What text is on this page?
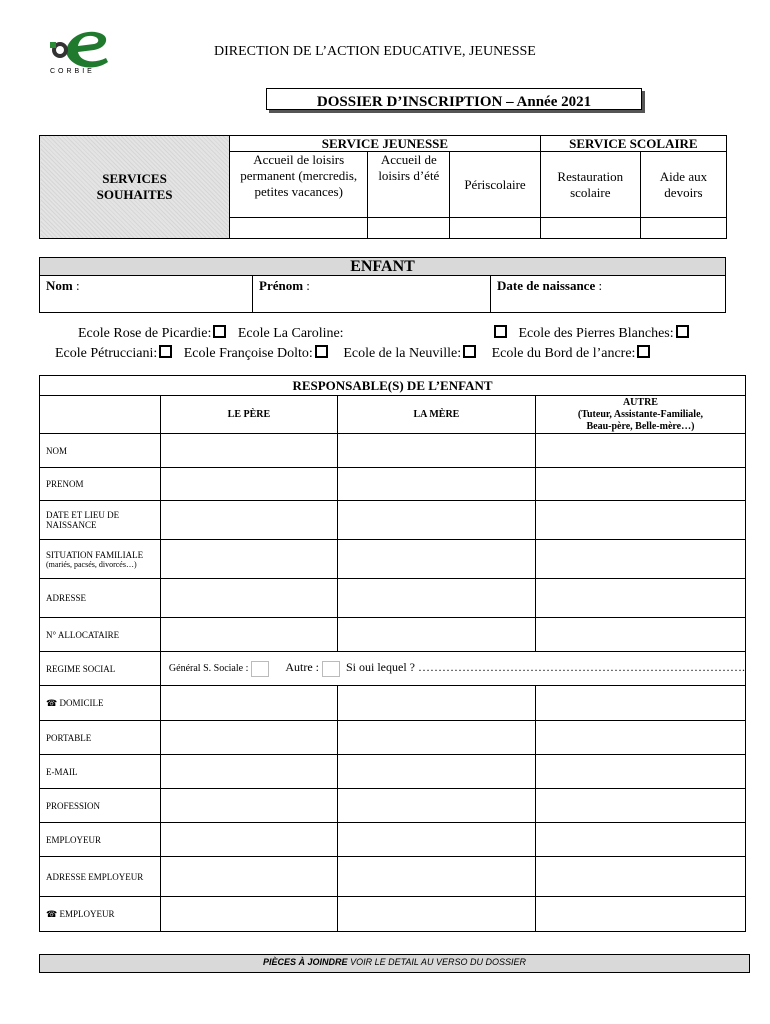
CORBIE
DIRECTION DE L’ACTION EDUCATIVE, JEUNESSE
DOSSIER D’INSCRIPTION – Année 2021
SERVICES SOUHAITES	SERVICE JEUNESSE			SERVICE SCOLAIRE	
	Accueil de loisirs permanent (mercredis, petites vacances)	Accueil de loisirs d’été	Périscolaire	Restauration scolaire	Aide aux devoirs

ENFANT
Nom :	Prénom :	Date de naissance :
Ecole Rose de Picardie: Ecole La Caroline:	Ecole des Pierres Blanches:
Ecole Pétrucciani: Ecole Françoise Dolto: Ecole de la Neuville: Ecole du Bord de l’ancre:
RESPONSABLE(S) DE L’ENFANT			
	LE PÈRE	LA MÈRE	AUTRE
(Tuteur, Assistante-Familiale,
Beau-père, Belle-mère…)

NOM			
PRENOM			

DATE ET LIEU DE
NAISSANCE			

SITUATION FAMILIALE
(mariés, pacsés, divorcés…)			

ADRESSE			
N° ALLOCATAIRE			
REGIME SOCIAL	Général S. Sociale : Autre : Si oui lequel ? ……………………………………………………………………….		
☎ DOMICILE			
PORTABLE			
E-MAIL			
PROFESSION			
EMPLOYEUR			
ADRESSE EMPLOYEUR			
☎ EMPLOYEUR			
PIÈCES À JOINDRE VOIR LE DETAIL AU VERSO DU DOSSIER
